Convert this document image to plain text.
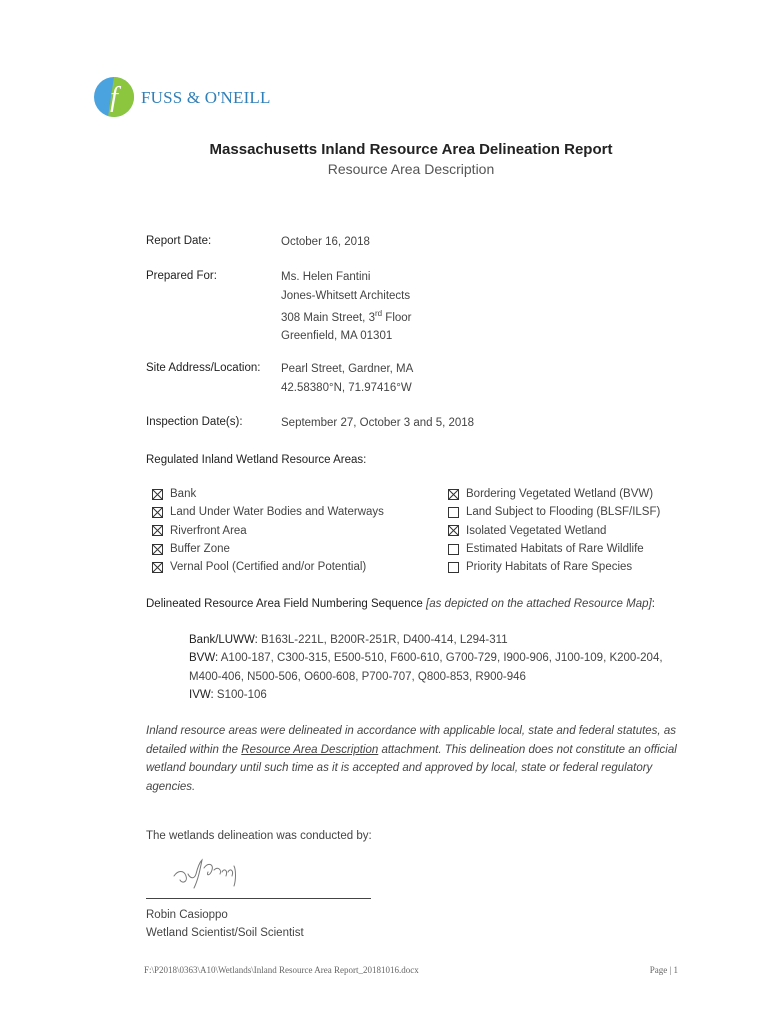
f FUSS & O'NEILL
Massachusetts Inland Resource Area Delineation Report
Resource Area Description
Report Date:	October 16, 2018
Prepared For:	Ms. Helen Fantini
Jones-Whitsett Architects
308 Main Street, 3rd Floor
Greenfield, MA 01301
Site Address/Location: Pearl Street, Gardner, MA
42.58380°N, 71.97416°W
Inspection Date(s):	September 27, October 3 and 5, 2018
Regulated Inland Wetland Resource Areas:
Bank
Land Under Water Bodies and Waterways
Riverfront Area
Buffer Zone
Vernal Pool (Certified and/or Potential)
Bordering Vegetated Wetland (BVW)
Land Subject to Flooding (BLSF/ILSF)
Isolated Vegetated Wetland
Estimated Habitats of Rare Wildlife
Priority Habitats of Rare Species
Delineated Resource Area Field Numbering Sequence [as depicted on the attached Resource Map]:
Bank/LUWW: B163L-221L, B200R-251R, D400-414, L294-311
BVW: A100-187, C300-315, E500-510, F600-610, G700-729, I900-906, J100-109, K200-204, M400-406, N500-506, O600-608, P700-707, Q800-853, R900-946
IVW: S100-106
Inland resource areas were delineated in accordance with applicable local, state and federal statutes, as detailed within the Resource Area Description attachment. This delineation does not constitute an official wetland boundary until such time as it is accepted and approved by local, state or federal regulatory agencies.
The wetlands delineation was conducted by:
Robin Casioppo
Wetland Scientist/Soil Scientist
F:\P2018\0363\A10\Wetlands\Inland Resource Area Report_20181016.docx	Page | 1
